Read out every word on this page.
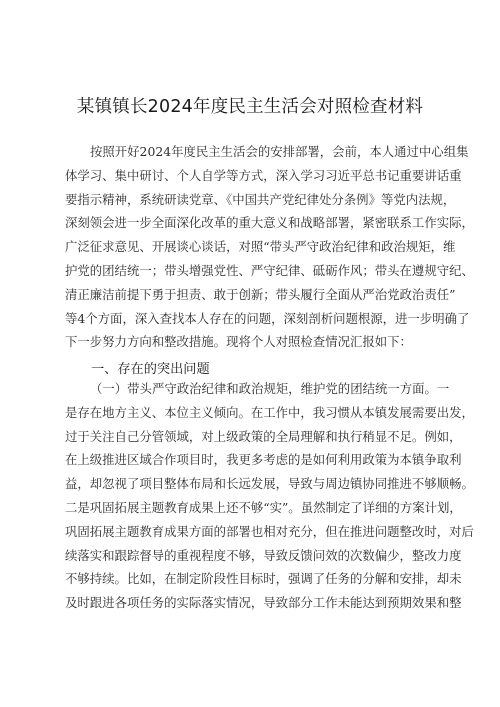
某镇镇长2024年度民主生活会对照检查材料
按照开好2024年度民主生活会的安排部署，会前，本人通过中心组集
体学习、集中研讨、个人自学等方式，深入学习习近平总书记重要讲话重
要指示精神，系统研读党章、《中国共产党纪律处分条例》等党内法规，
深刻领会进一步全面深化改革的重大意义和战略部署，紧密联系工作实际，
广泛征求意见、开展谈心谈话，对照“带头严守政治纪律和政治规矩，维
护党的团结统一；带头增强党性、严守纪律、砥砺作风；带头在遵规守纪、
清正廉洁前提下勇于担责、敢于创新；带头履行全面从严治党政治责任”
等4个方面，深入查找本人存在的问题，深刻剖析问题根源，进一步明确了
下一步努力方向和整改措施。现将个人对照检查情况汇报如下：
一、存在的突出问题
（一）带头严守政治纪律和政治规矩，维护党的团结统一方面。一
是存在地方主义、本位主义倾向。在工作中，我习惯从本镇发展需要出发，
过于关注自己分管领域，对上级政策的全局理解和执行稍显不足。例如，
在上级推进区域合作项目时，我更多考虑的是如何利用政策为本镇争取利
益，却忽视了项目整体布局和长远发展，导致与周边镇协同推进不够顺畅。
二是巩固拓展主题教育成果上还不够“实”。虽然制定了详细的方案计划，
巩固拓展主题教育成果方面的部署也相对充分，但在推进问题整改时，对后
续落实和跟踪督导的重视程度不够，导致反馈问效的次数偏少，整改力度
不够持续。比如，在制定阶段性目标时，强调了任务的分解和安排，却未
及时跟进各项任务的实际落实情况，导致部分工作未能达到预期效果和整
